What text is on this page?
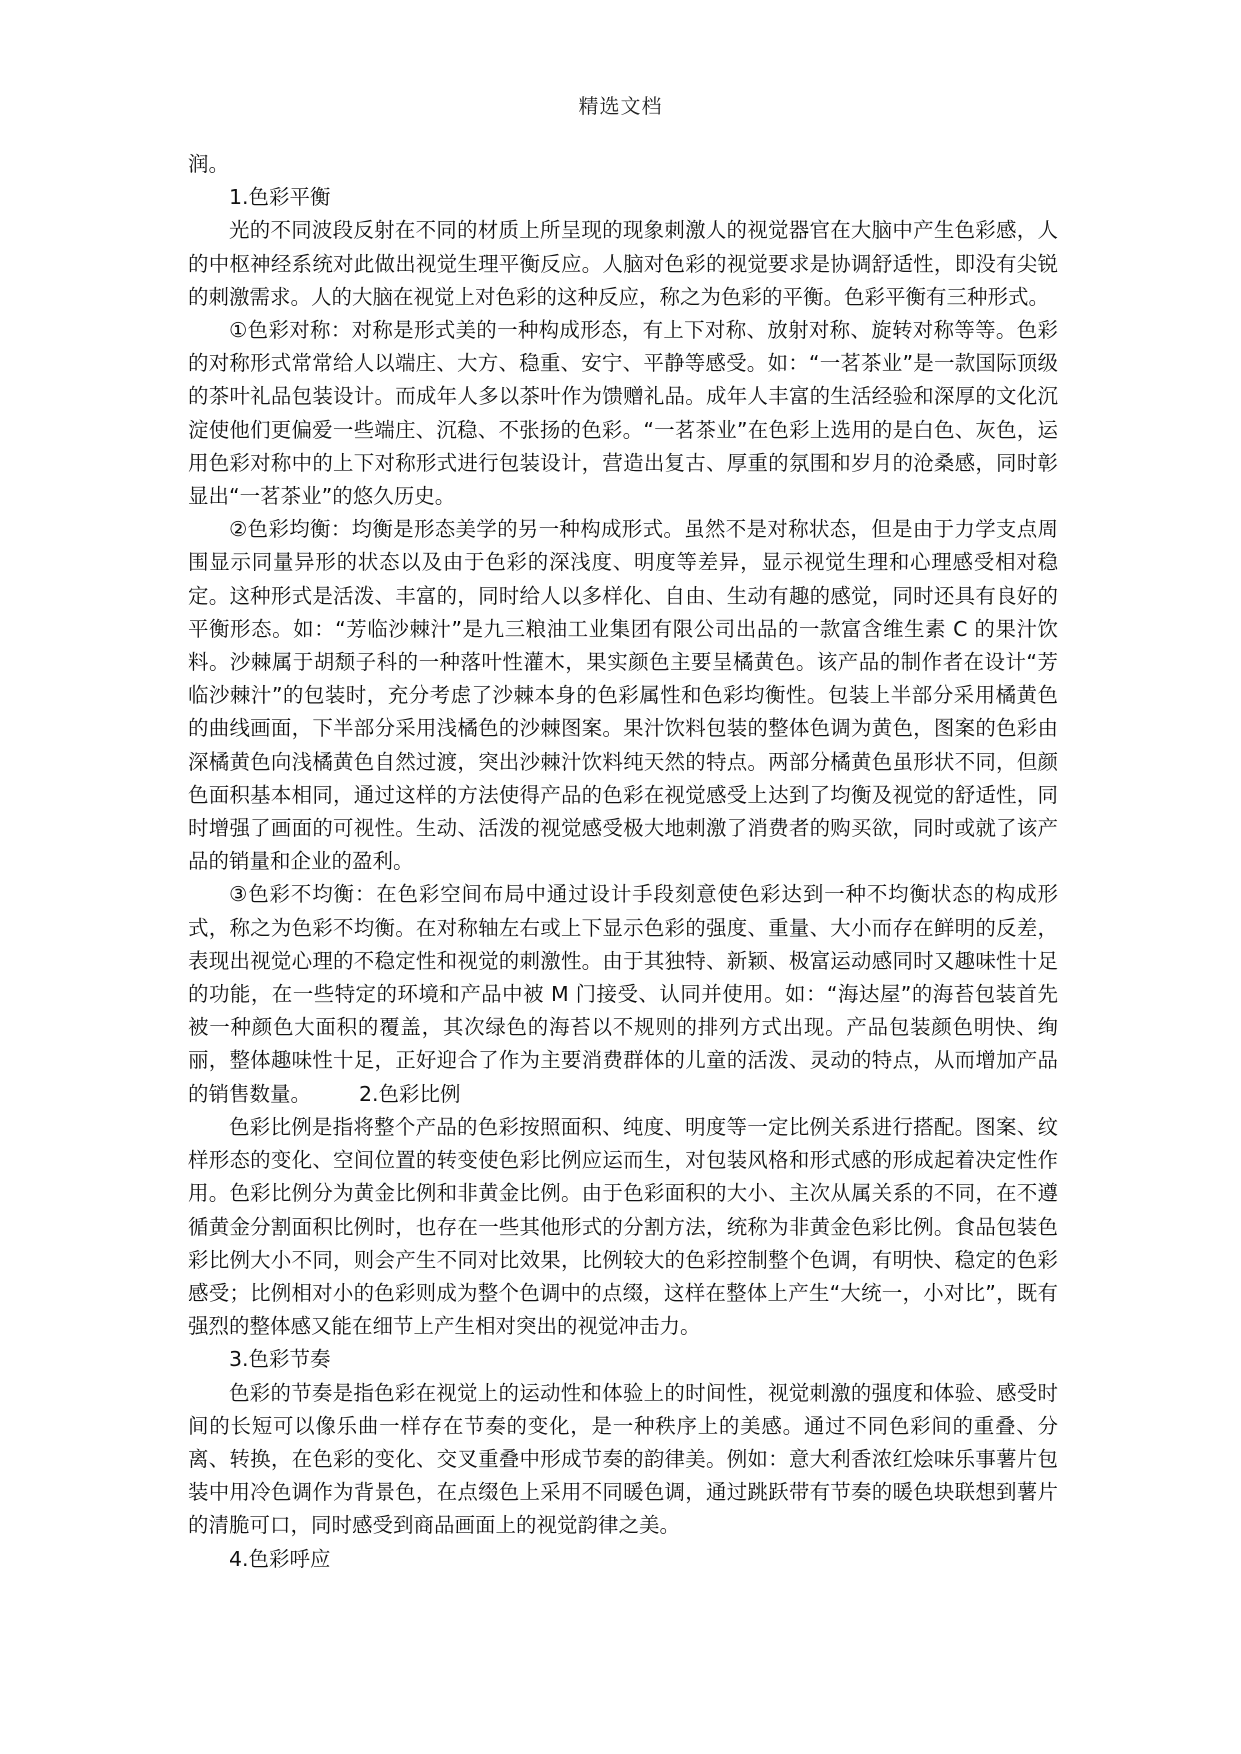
精选文档

润。

1.色彩平衡

光的不同波段反射在不同的材质上所呈现的现象刺激人的视觉器官在大脑中产生色彩感，人的中枢神经系统对此做出视觉生理平衡反应。人脑对色彩的视觉要求是协调舒适性，即没有尖锐的刺激需求。人的大脑在视觉上对色彩的这种反应，称之为色彩的平衡。色彩平衡有三种形式。

①色彩对称：对称是形式美的一种构成形态，有上下对称、放射对称、旋转对称等等。色彩的对称形式常常给人以端庄、大方、稳重、安宁、平静等感受。如：“一茗茶业”是一款国际顶级的茶叶礼品包装设计。而成年人多以茶叶作为馈赠礼品。成年人丰富的生活经验和深厚的文化沉淀使他们更偏爱一些端庄、沉稳、不张扬的色彩。“一茗茶业”在色彩上选用的是白色、灰色，运用色彩对称中的上下对称形式进行包装设计，营造出复古、厚重的氛围和岁月的沧桑感，同时彰显出“一茗茶业”的悠久历史。

②色彩均衡：均衡是形态美学的另一种构成形式。虽然不是对称状态，但是由于力学支点周围显示同量异形的状态以及由于色彩的深浅度、明度等差异，显示视觉生理和心理感受相对稳定。这种形式是活泼、丰富的，同时给人以多样化、自由、生动有趣的感觉，同时还具有良好的平衡形态。如：“芳临沙棘汁”是九三粮油工业集团有限公司出品的一款富含维生素 C 的果汁饮料。沙棘属于胡颓子科的一种落叶性灌木，果实颜色主要呈橘黄色。该产品的制作者在设计“芳临沙棘汁”的包装时，充分考虑了沙棘本身的色彩属性和色彩均衡性。包装上半部分采用橘黄色的曲线画面，下半部分采用浅橘色的沙棘图案。果汁饮料包装的整体色调为黄色，图案的色彩由深橘黄色向浅橘黄色自然过渡，突出沙棘汁饮料纯天然的特点。两部分橘黄色虽形状不同，但颜色面积基本相同，通过这样的方法使得产品的色彩在视觉感受上达到了均衡及视觉的舒适性，同时增强了画面的可视性。生动、活泼的视觉感受极大地刺激了消费者的购买欲，同时或就了该产品的销量和企业的盈利。

③色彩不均衡：在色彩空间布局中通过设计手段刻意使色彩达到一种不均衡状态的构成形式，称之为色彩不均衡。在对称轴左右或上下显示色彩的强度、重量、大小而存在鲜明的反差，表现出视觉心理的不稳定性和视觉的刺激性。由于其独特、新颖、极富运动感同时又趣味性十足的功能，在一些特定的环境和产品中被 M 门接受、认同并使用。如：“海达屋”的海苔包装首先被一种颜色大面积的覆盖，其次绿色的海苔以不规则的排列方式出现。产品包装颜色明快、绚丽，整体趣味性十足，正好迎合了作为主要消费群体的儿童的活泼、灵动的特点，从而增加产品的销售数量。 2.色彩比例

色彩比例是指将整个产品的色彩按照面积、纯度、明度等一定比例关系进行搭配。图案、纹样形态的变化、空间位置的转变使色彩比例应运而生，对包装风格和形式感的形成起着决定性作用。色彩比例分为黄金比例和非黄金比例。由于色彩面积的大小、主次从属关系的不同，在不遵循黄金分割面积比例时，也存在一些其他形式的分割方法，统称为非黄金色彩比例。食品包装色彩比例大小不同，则会产生不同对比效果，比例较大的色彩控制整个色调，有明快、稳定的色彩感受；比例相对小的色彩则成为整个色调中的点缀，这样在整体上产生“大统一，小对比”，既有强烈的整体感又能在细节上产生相对突出的视觉冲击力。

3.色彩节奏

色彩的节奏是指色彩在视觉上的运动性和体验上的时间性，视觉刺激的强度和体验、感受时间的长短可以像乐曲一样存在节奏的变化，是一种秩序上的美感。通过不同色彩间的重叠、分离、转换，在色彩的变化、交叉重叠中形成节奏的韵律美。例如：意大利香浓红烩味乐事薯片包装中用冷色调作为背景色，在点缀色上采用不同暖色调，通过跳跃带有节奏的暖色块联想到薯片的清脆可口，同时感受到商品画面上的视觉韵律之美。

4.色彩呼应
